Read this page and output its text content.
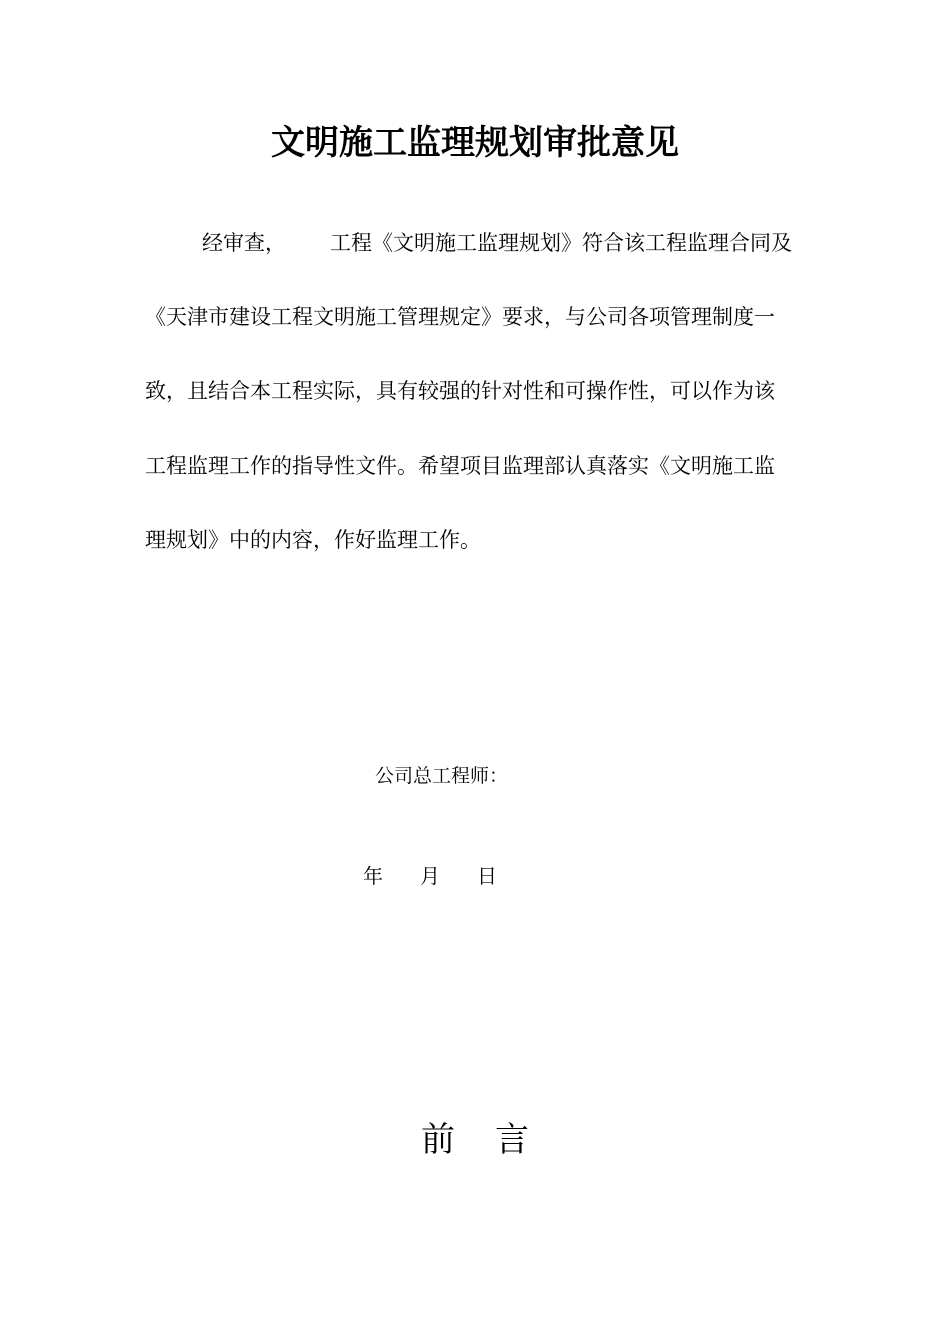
文明施工监理规划审批意见
经审查， 工程《文明施工监理规划》符合该工程监理合同及
《天津市建设工程文明施工管理规定》要求，与公司各项管理制度一
致，且结合本工程实际，具有较强的针对性和可操作性，可以作为该
工程监理工作的指导性文件。希望项目监理部认真落实《文明施工监
理规划》中的内容，作好监理工作。
公司总工程师：
年 月 日
前 言
